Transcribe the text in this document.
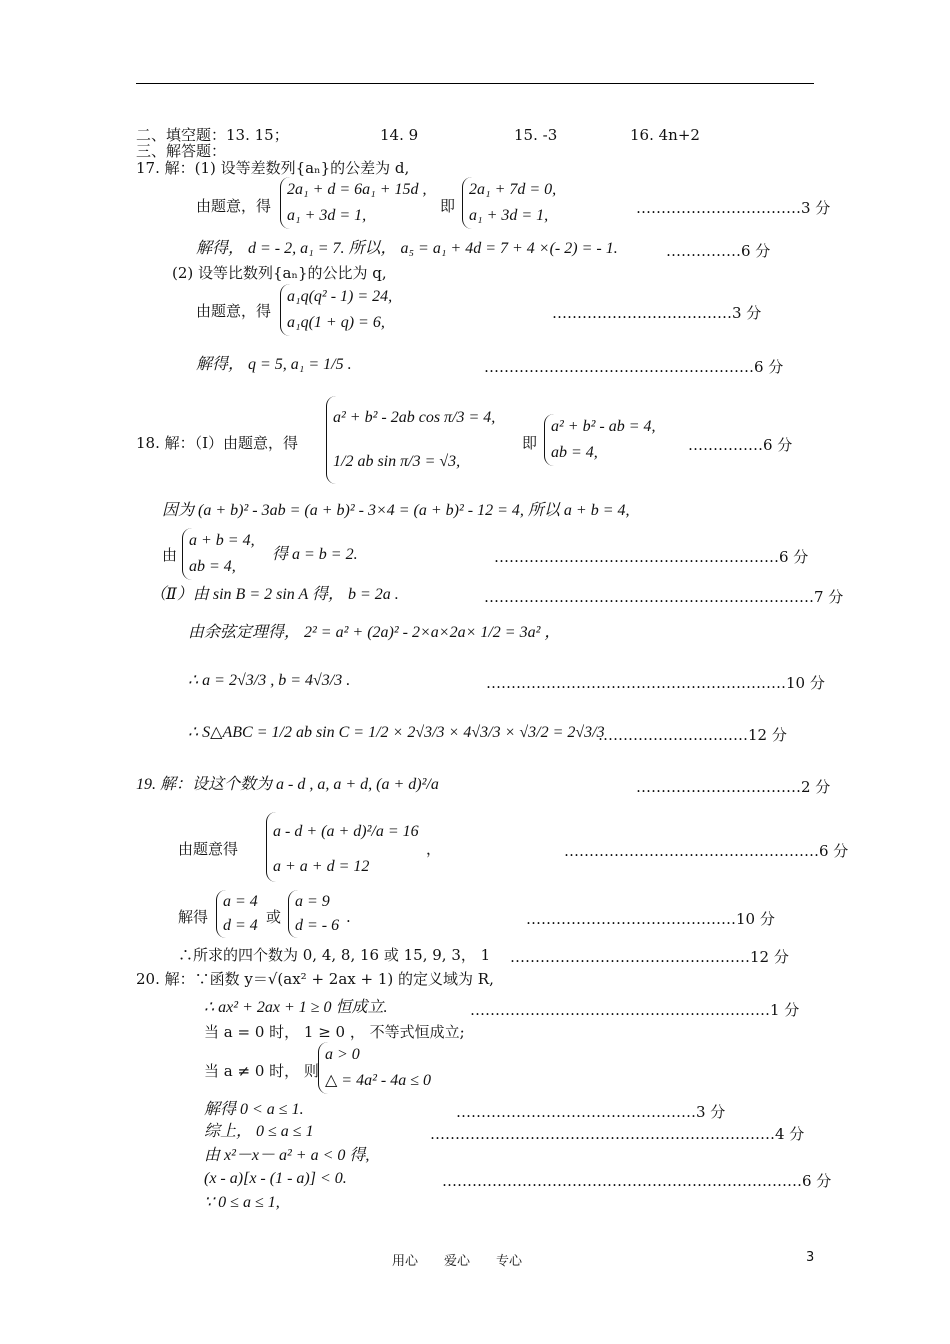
二、填空题：13. 15；	14. 9	15. -3	16. 4n+2
三、解答题：
17. 解：(1) 设等差数列{aₙ}的公差为 d,
由题意，得
2a₁ + d = 6a₁ + 15d ,
a₁ + 3d = 1,
即
2a₁ + 7d = 0,
a₁ + 3d = 1,	……………………………3 分
解得， d = - 2, a₁ = 7. 所以， a₅ = a₁ + 4d = 7 + 4 ×(- 2) = - 1.	……………6 分
(2) 设等比数列{aₙ}的公比为 q,
由题意，得
a₁q(q² - 1) = 24,
a₁q(1 + q) = 6,
………………………………3 分
解得， q = 5, a₁ = 1/5 .	………………………………………………6 分
18. 解：（Ⅰ）由题意，得
a² + b² - 2ab cos π/3 = 4,
1/2 ab sin π/3 = √3,
即
a² + b² - ab = 4,
ab = 4,	……………6 分
因为 (a + b)² - 3ab = (a + b)² - 3×4 = (a + b)² - 12 = 4, 所以 a + b = 4,
由
a + b = 4,
ab = 4,
得 a = b = 2.	…………………………………………………6 分
（Ⅱ）由 sin B = 2 sin A 得， b = 2a .	…………………………………………………………7 分
由余弦定理得， 2² = a² + (2a)² - 2×a×2a× 1/2 = 3a² ，
∴ a = 2√3/3 , b = 4√3/3 .	……………………………………………………10 分
∴ S△ABC = 1/2 ab sin C = 1/2 × 2√3/3 × 4√3/3 × √3/2 = 2√3/3
…………………………12 分
19. 解：设这个数为 a - d , a, a + d, (a + d)²/a	……………………………2 分
由题意得
a - d + (a + d)²/a = 16
a + a + d = 12
，	……………………………………………6 分
解得
a = 4
d = 4 或
a = 9
d = - 6 .	……………………………………10 分
∴所求的四个数为 0, 4, 8, 16 或 15, 9, 3， 1 …………………………………………12 分
20. 解：∵函数 y＝√(ax² + 2ax + 1) 的定义域为 R,
∴ ax² + 2ax + 1 ≥ 0 恒成立.	……………………………………………………1 分
当 a = 0 时， 1 ≥ 0 ， 不等式恒成立;
当 a ≠ 0 时， 则
a > 0
△ = 4a² - 4a ≤ 0
解得 0 < a ≤ 1.	…………………………………………3 分
综上， 0 ≤ a ≤ 1	……………………………………………………………4 分
由 x²－x－ a² + a < 0 得,
(x - a)[x - (1 - a)] < 0.	………………………………………………………………6 分
∵ 0 ≤ a ≤ 1,
用心　　爱心　　专心	3
